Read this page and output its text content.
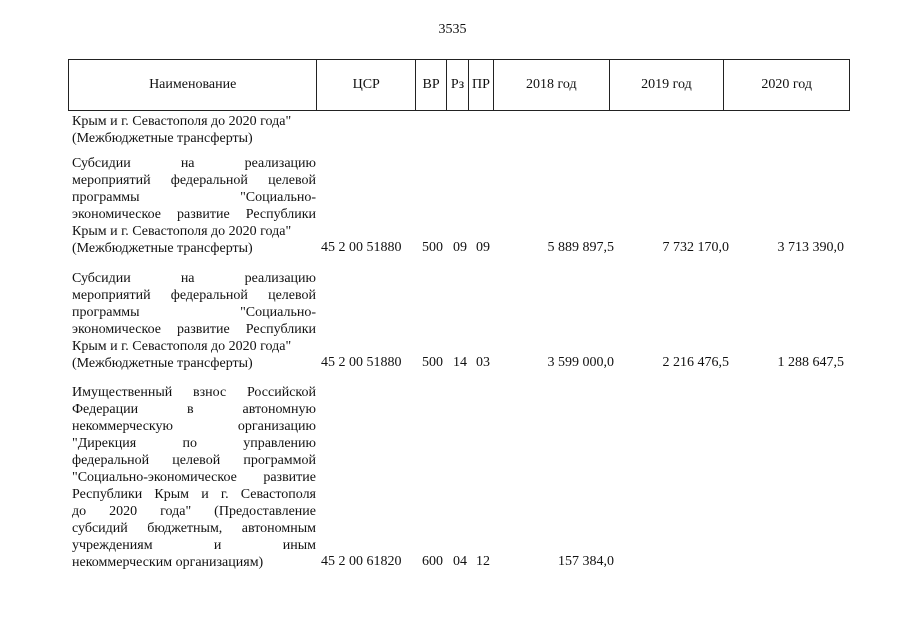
3535
Наименование	ЦСР	ВР Рз ПР	2018 год	2019 год	2020 год
Крым и г. Севастополя до 2020 года"
(Межбюджетные трансферты)
Субсидии на реализацию
мероприятий федеральной целевой
программы "Социально-
экономическое развитие Республики
Крым и г. Севастополя до 2020 года"
(Межбюджетные трансферты)	45 2 00 51880 500 09 09	5 889 897,5	7 732 170,0	3 713 390,0
Субсидии на реализацию
мероприятий федеральной целевой
программы "Социально-
экономическое развитие Республики
Крым и г. Севастополя до 2020 года"
(Межбюджетные трансферты)	45 2 00 51880 500 14 03	3 599 000,0	2 216 476,5	1 288 647,5
Имущественный взнос Российской
Федерации в автономную
некоммерческую организацию
"Дирекция по управлению
федеральной целевой программой
"Социально-экономическое развитие
Республики Крым и г. Севастополя
до 2020 года" (Предоставление
субсидий бюджетным, автономным
учреждениям и иным
некоммерческим организациям)	45 2 00 61820 600 04 12	157 384,0
